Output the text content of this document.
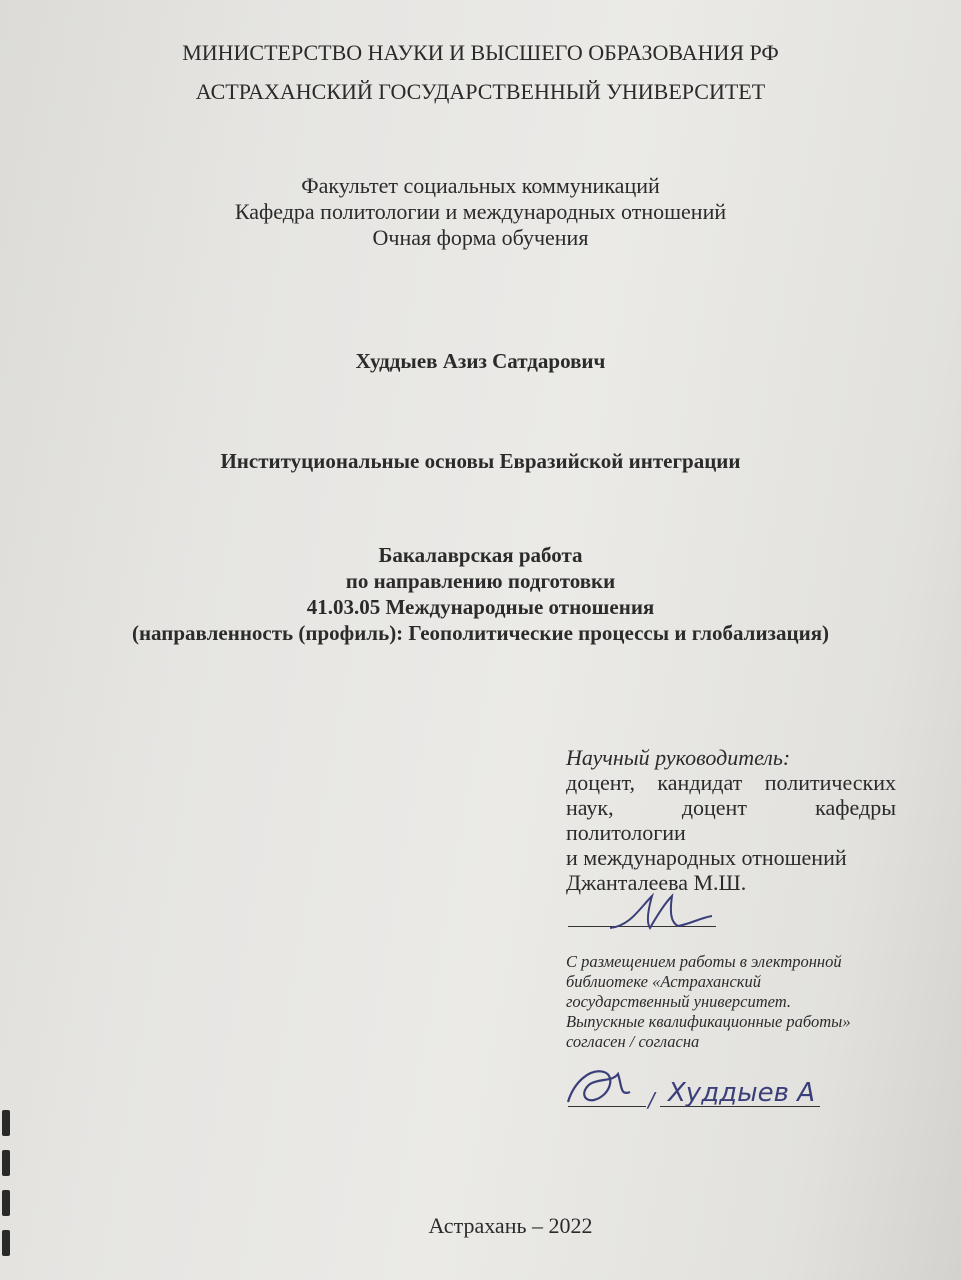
МИНИСТЕРСТВО НАУКИ И ВЫСШЕГО ОБРАЗОВАНИЯ РФ
АСТРАХАНСКИЙ ГОСУДАРСТВЕННЫЙ УНИВЕРСИТЕТ
Факультет социальных коммуникаций
Кафедра политологии и международных отношений
Очная форма обучения
Худдыев Азиз Сатдарович
Институциональные основы Евразийской интеграции
Бакалаврская работа
по направлению подготовки
41.03.05 Международные отношения
(направленность (профиль): Геополитические процессы и глобализация)
Научный руководитель:
доцент, кандидат политических
наук,	доцент	кафедры
политологии
и международных отношений
Джанталеева М.Ш.
С размещением работы в электронной
библиотеке «Астраханский
государственный университет.
Выпускные квалификационные работы»
согласен / согласна
/ Худдыев А
Астрахань – 2022
